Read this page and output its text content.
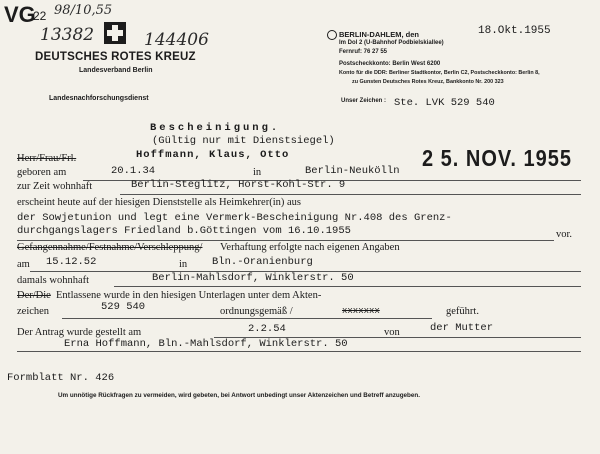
VG
22 98/10,55
13382	144406
DEUTSCHES ROTES KREUZ
Landesverband Berlin
Landesnachforschungsdienst
BERLIN-DAHLEM, den
Im Dol 2 (U-Bahnhof Podbielskiallee)
Fernruf: 76 27 55
Postscheckkonto: Berlin West 6200
Konto für die DDR: Berliner Stadtkontor, Berlin C2, Postscheckkonto: Berlin 8,
zu Gunsten Deutsches Rotes Kreuz, Bankkonto Nr. 200 323
18.Okt.1955
Unser Zeichen : Ste. LVK 529 540
Bescheinigung.
(Gültig nur mit Dienstsiegel)
2 5. NOV. 1955
Herr/Frau/Frl.	Hoffmann, Klaus, Otto
geboren am	20.1.34	in	Berlin-Neukölln
zur Zeit wohnhaft	Berlin-Steglitz, Horst-Kohl-Str. 9
erscheint heute auf der hiesigen Dienststelle als Heimkehrer(in) aus
der Sowjetunion und legt eine Vermerk-Bescheinigung Nr.408 des Grenz-
durchgangslagers Friedland b.Göttingen vom 16.10.1955	vor.
Gefangennahme/Festnahme/Verschleppung/ Verhaftung erfolgte nach eigenen Angaben
am 15.12.52	in Bln.-Oranienburg
damals wohnhaft	Berlin-Mahlsdorf, Winklerstr. 50
Der/Die Entlassene wurde in den hiesigen Unterlagen unter dem Akten-
zeichen	529 540	ordnungsgemäß /	xxxxxxx	geführt.
Der Antrag wurde gestellt am	2.2.54	von	der Mutter
Erna Hoffmann, Bln.-Mahlsdorf, Winklerstr. 50
Formblatt Nr. 426
Um unnötige Rückfragen zu vermeiden, wird gebeten, bei Antwort unbedingt unser Aktenzeichen und Betreff anzugeben.
